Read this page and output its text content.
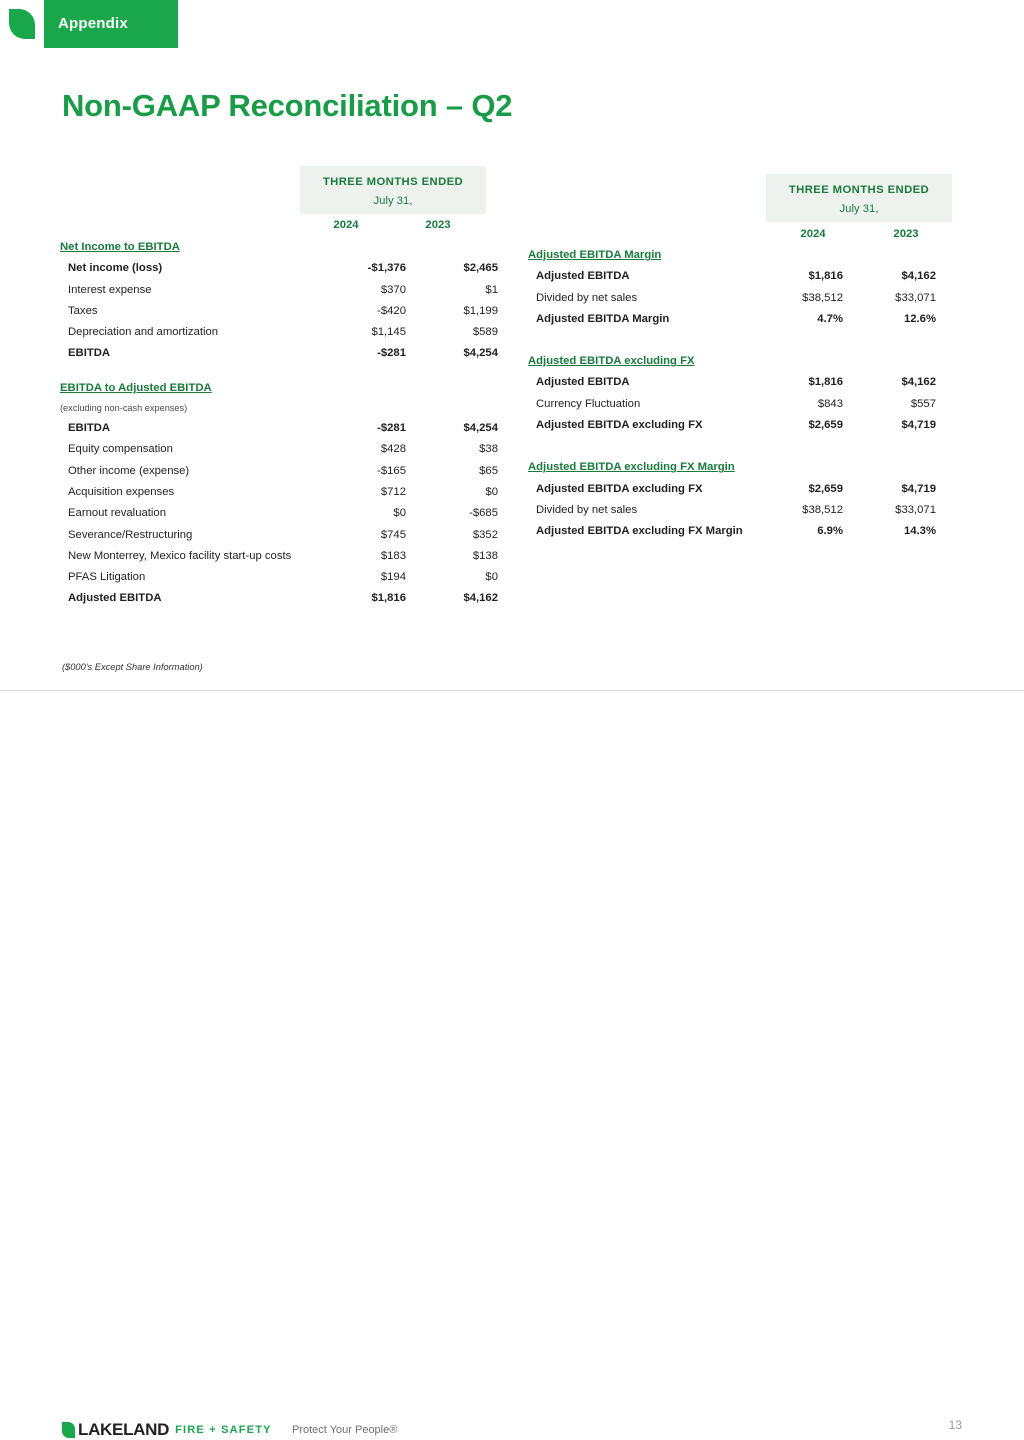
Appendix
Non-GAAP Reconciliation – Q2
THREE MONTHS ENDED
July 31,
2024	2023
Net Income to EBITDA
Net income (loss)	-$1,376	$2,465
Interest expense	$370	$1
Taxes	-$420	$1,199
Depreciation and amortization	$1,145	$589
EBITDA	-$281	$4,254
EBITDA to Adjusted EBITDA
(excluding non-cash expenses)
EBITDA	-$281	$4,254
Equity compensation	$428	$38
Other income (expense)	-$165	$65
Acquisition expenses	$712	$0
Earnout revaluation	$0	-$685
Severance/Restructuring	$745	$352
New Monterrey, Mexico facility start-up costs	$183	$138
PFAS Litigation	$194	$0
Adjusted EBITDA	$1,816	$4,162
THREE MONTHS ENDED
July 31,
2024	2023
Adjusted EBITDA Margin
Adjusted EBITDA	$1,816	$4,162
Divided by net sales	$38,512	$33,071
Adjusted EBITDA Margin	4.7%	12.6%
Adjusted EBITDA excluding FX
Adjusted EBITDA	$1,816	$4,162
Currency Fluctuation	$843	$557
Adjusted EBITDA excluding FX	$2,659	$4,719
Adjusted EBITDA excluding FX Margin
Adjusted EBITDA excluding FX	$2,659	$4,719
Divided by net sales	$38,512	$33,071
Adjusted EBITDA excluding FX Margin	6.9%	14.3%
($000's Except Share Information)
LAKELAND FIRE + SAFETY Protect Your People®	13
